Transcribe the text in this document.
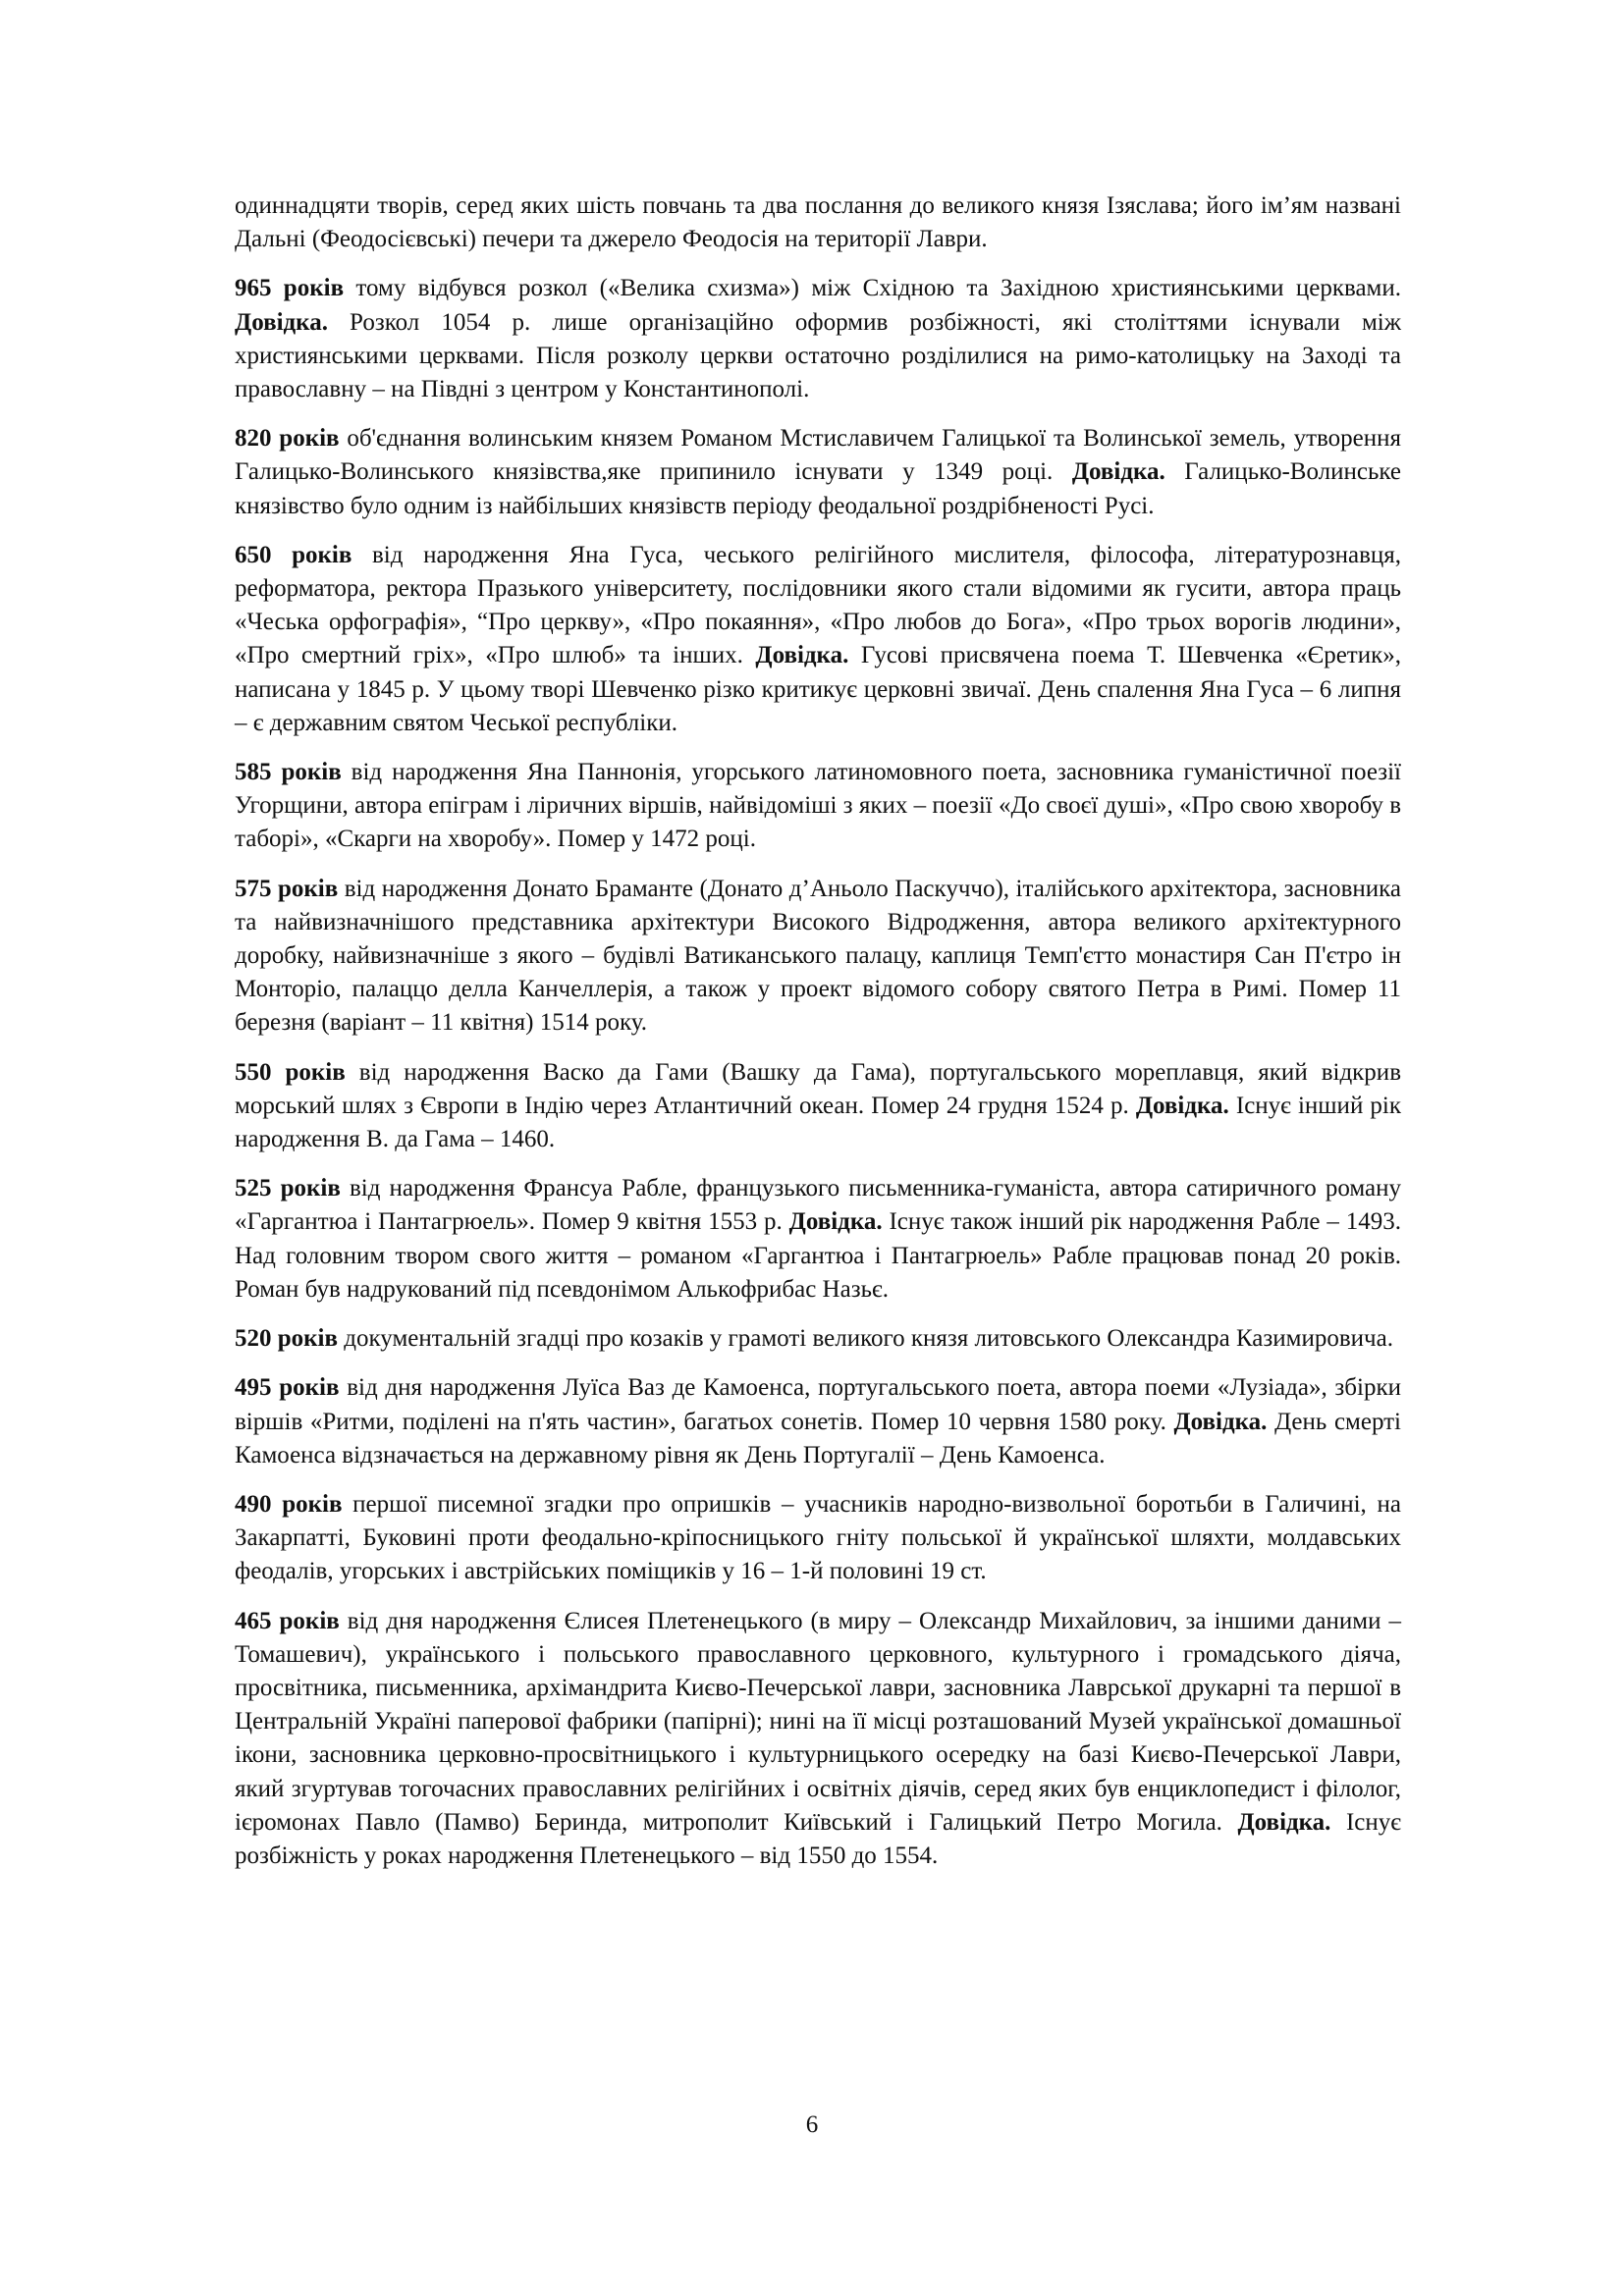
одиннадцяти творів, серед яких шість повчань та два послання до великого князя Ізяслава; його ім’ям названі Дальні (Феодосієвські) печери та джерело Феодосія на території Лаври.

965 років тому відбувся розкол («Велика схизма») між Східною та Західною християнськими церквами. Довідка. Розкол 1054 р. лише організаційно оформив розбіжності, які століттями існували між християнськими церквами. Після розколу церкви остаточно розділилися на римо-католицьку на Заході та православну – на Півдні з центром у Константинополі.

820 років об'єднання волинським князем Романом Мстиславичем Галицької та Волинської земель, утворення Галицько-Волинського князівства,яке припинило існувати у 1349 році. Довідка. Галицько-Волинське князівство було одним із найбільших князівств періоду феодальної роздрібненості Русі.

650 років від народження Яна Гуса, чеського релігійного мислителя, філософа, літературознавця, реформатора, ректора Празького університету, послідовники якого стали відомими як гусити, автора праць «Чеська орфографія», “Про церкву», «Про покаяння», «Про любов до Бога», «Про трьох ворогів людини», «Про смертний гріх», «Про шлюб» та інших. Довідка. Гусові присвячена поема Т. Шевченка «Єретик», написана у 1845 р. У цьому творі Шевченко різко критикує церковні звичаї. День спалення Яна Гуса – 6 липня – є державним святом Чеської республіки.

585 років від народження Яна Паннонія, угорського латиномовного поета, засновника гуманістичної поезії Угорщини, автора епіграм і ліричних віршів, найвідоміші з яких – поезії «До своєї душі», «Про свою хворобу в таборі», «Скарги на хворобу». Помер у 1472 році.

575 років від народження Донато Браманте (Донато д’Аньоло Паскуччо), італійського архітектора, засновника та найвизначнішого представника архітектури Високого Відродження, автора великого архітектурного доробку, найвизначніше з якого – будівлі Ватиканського палацу, каплиця Темп'єтто монастиря Сан П'єтро ін Монторіо, палаццо делла Канчеллерія, а також у проект відомого собору святого Петра в Римі. Помер 11 березня (варіант – 11 квітня) 1514 року.

550 років від народження Васко да Гами (Вашку да Гама), португальського мореплавця, який відкрив морський шлях з Європи в Індію через Атлантичний океан. Помер 24 грудня 1524 р. Довідка. Існує інший рік народження В. да Гама – 1460.

525 років від народження Франсуа Рабле, французького письменника-гуманіста, автора сатиричного роману «Гаргантюа і Пантагрюель». Помер 9 квітня 1553 р. Довідка. Існує також інший рік народження Рабле – 1493. Над головним твором свого життя – романом «Гаргантюа і Пантагрюель» Рабле працював понад 20 років. Роман був надрукований під псевдонімом Алькофрибас Назьє.

520 років документальній згадці про козаків у грамоті великого князя литовського Олександра Казимировича.

495 років від дня народження Луїса Ваз де Камоенса, португальського поета, автора поеми «Лузіада», збірки віршів «Ритми, поділені на п'ять частин», багатьох сонетів. Помер 10 червня 1580 року. Довідка. День смерті Камоенса відзначається на державному рівня як День Португалії – День Камоенса.

490 років першої писемної згадки про опришків – учасників народно-визвольної боротьби в Галичині, на Закарпатті, Буковині проти феодально-кріпосницького гніту польської й української шляхти, молдавських феодалів, угорських і австрійських поміщиків у 16 – 1-й половині 19 ст.

465 років від дня народження Єлисея Плетенецького (в миру – Олександр Михайлович, за іншими даними – Томашевич), українського і польського православного церковного, культурного і громадського діяча, просвітника, письменника, архімандрита Києво-Печерської лаври, засновника Лаврської друкарні та першої в Центральній Україні паперової фабрики (папірні); нині на її місці розташований Музей української домашньої ікони, засновника церковно-просвітницького і культурницького осередку на базі Києво-Печерської Лаври, який згуртував тогочасних православних релігійних і освітніх діячів, серед яких був енциклопедист і філолог, ієромонах Павло (Памво) Беринда, митрополит Київський і Галицький Петро Могила. Довідка. Існує розбіжність у роках народження Плетенецького – від 1550 до 1554.

6
